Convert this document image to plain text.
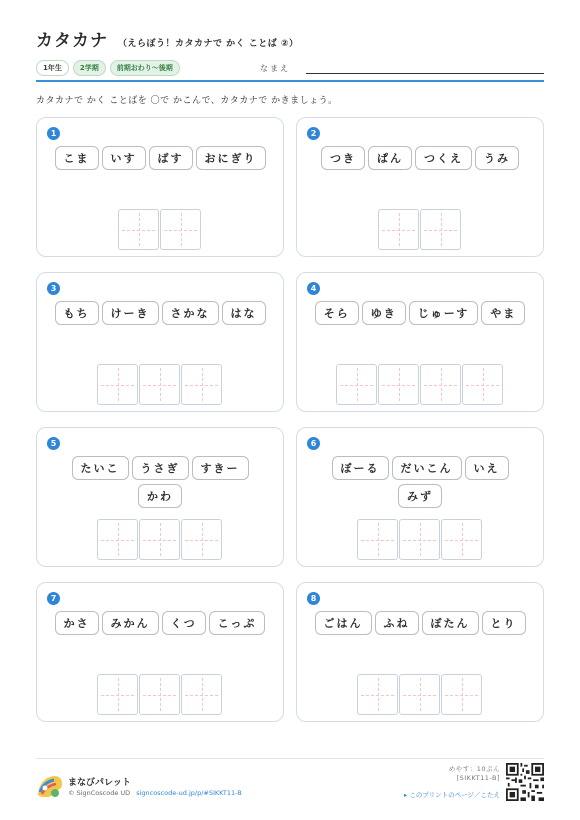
カタカナ （えらぼう！カタカナで かく ことば ②）
1年生	2学期	前期おわり〜後期	なまえ
カタカナで かく ことばを 〇で かこんで、カタカナで かきましょう。
1
こま	いす	ばす	おにぎり
2
つき	ぱん	つくえ	うみ
3
もち	けーき	さかな	はな
4
そら	ゆき	じゅーす	やま
5
たいこ	うさぎ	すきー
かわ
6
ぼーる	だいこん	いえ
みず
7
かさ	みかん	くつ	こっぷ
8
ごはん	ふね	ぼたん	とり
まなびパレット
© SignCoscode UD signcoscode-ud.jp/p/#SIKKT11-B
めやす：10ぷん
[SIKKT11-B]
▸ このプリントのページ／こたえ
